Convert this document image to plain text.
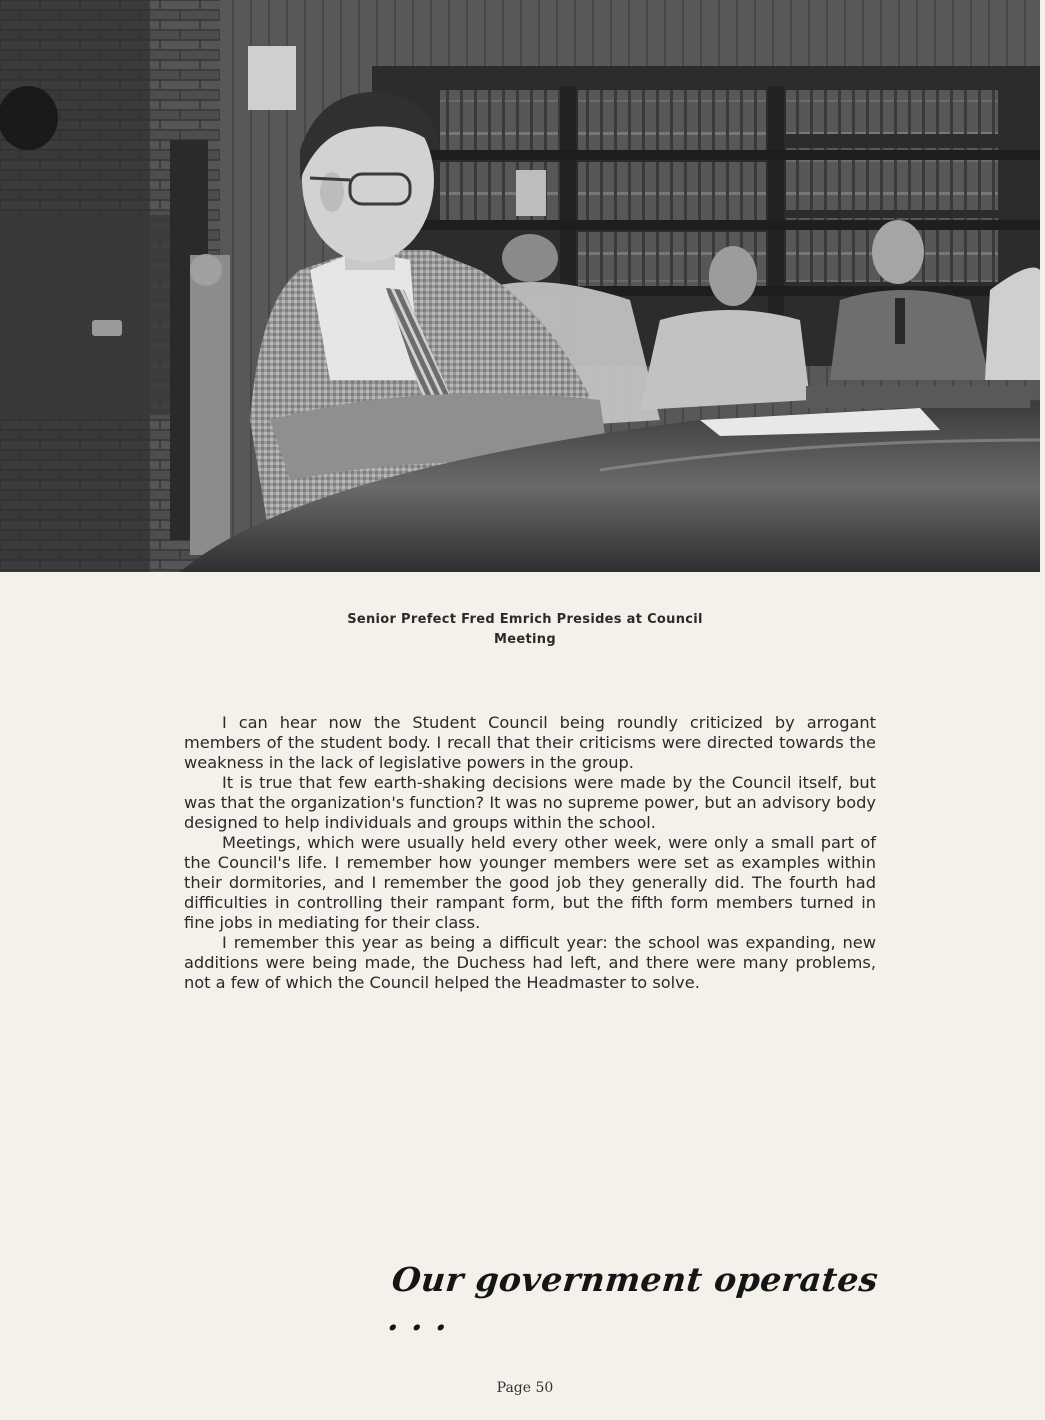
Senior Prefect Fred Emrich Presides at Council
Meeting

I can hear now the Student Council being roundly criticized by arrogant members of the student body. I recall that their criticisms were directed towards the weakness in the lack of legislative powers in the group.

It is true that few earth-shaking decisions were made by the Council itself, but was that the organization's function? It was no supreme power, but an advisory body designed to help individuals and groups within the school.

Meetings, which were usually held every other week, were only a small part of the Council's life. I remember how younger members were set as examples within their dormitories, and I remember the good job they generally did. The fourth had difficulties in controlling their rampant form, but the fifth form members turned in fine jobs in mediating for their class.

I remember this year as being a difficult year: the school was expanding, new additions were being made, the Duchess had left, and there were many problems, not a few of which the Council helped the Headmaster to solve.

Our government operates . . .
Page 50
